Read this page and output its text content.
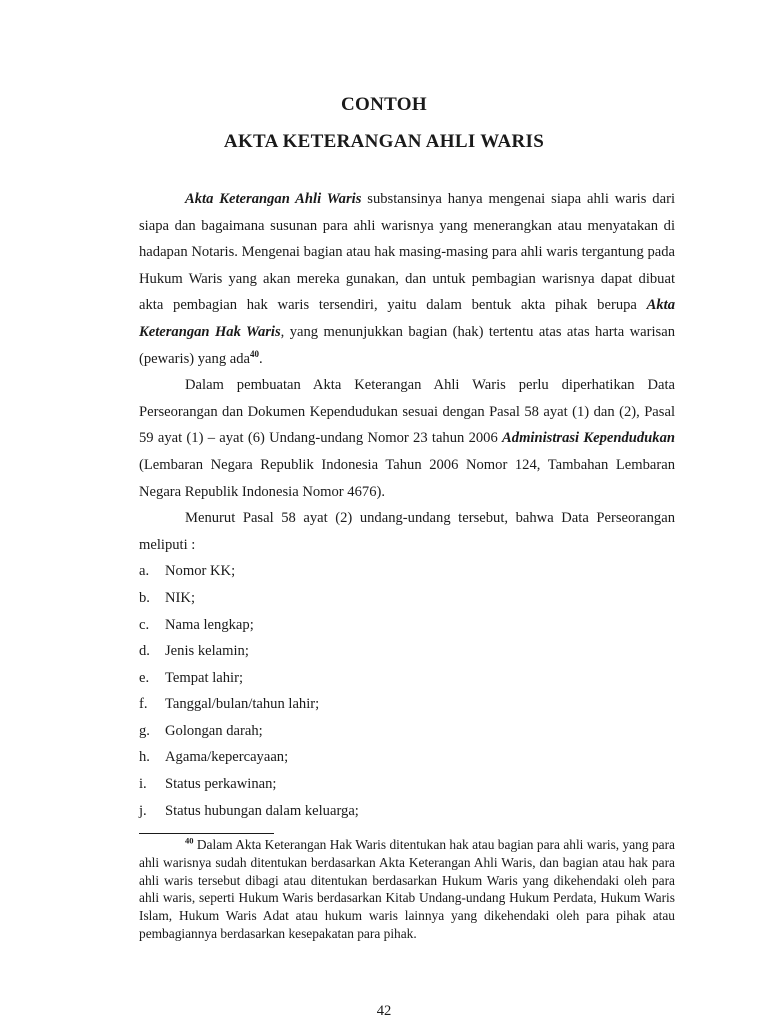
CONTOH
AKTA KETERANGAN AHLI WARIS

Akta Keterangan Ahli Waris substansinya hanya mengenai siapa ahli waris dari siapa dan bagaimana susunan para ahli warisnya yang menerangkan atau menyatakan di hadapan Notaris. Mengenai bagian atau hak masing-masing para ahli waris tergantung pada Hukum Waris yang akan mereka gunakan, dan untuk pembagian warisnya dapat dibuat akta pembagian hak waris tersendiri, yaitu dalam bentuk akta pihak berupa Akta Keterangan Hak Waris, yang menunjukkan bagian (hak) tertentu atas atas harta warisan (pewaris) yang ada$^{40}$.

Dalam pembuatan Akta Keterangan Ahli Waris perlu diperhatikan Data Perseorangan dan Dokumen Kependudukan sesuai dengan Pasal 58 ayat (1) dan (2), Pasal 59 ayat (1) – ayat (6) Undang-undang Nomor 23 tahun 2006 Administrasi Kependudukan (Lembaran Negara Republik Indonesia Tahun 2006 Nomor 124, Tambahan Lembaran Negara Republik Indonesia Nomor 4676).

Menurut Pasal 58 ayat (2) undang-undang tersebut, bahwa Data Perseorangan meliputi :

a.	Nomor KK;
b.	NIK;
c.	Nama lengkap;
d.	Jenis kelamin;
e.	Tempat lahir;
f.	Tanggal/bulan/tahun lahir;
g.	Golongan darah;
h.	Agama/kepercayaan;
i.	Status perkawinan;
j.	Status hubungan dalam keluarga;

$^{40}$ Dalam Akta Keterangan Hak Waris ditentukan hak atau bagian para ahli waris, yang para ahli warisnya sudah ditentukan berdasarkan Akta Keterangan Ahli Waris, dan bagian atau hak para ahli waris tersebut dibagi atau ditentukan berdasarkan Hukum Waris yang dikehendaki oleh para ahli waris, seperti Hukum Waris berdasarkan Kitab Undang-undang Hukum Perdata, Hukum Waris Islam, Hukum Waris Adat atau hukum waris lainnya yang dikehendaki oleh para pihak atau pembagiannya berdasarkan kesepakatan para pihak.

42
